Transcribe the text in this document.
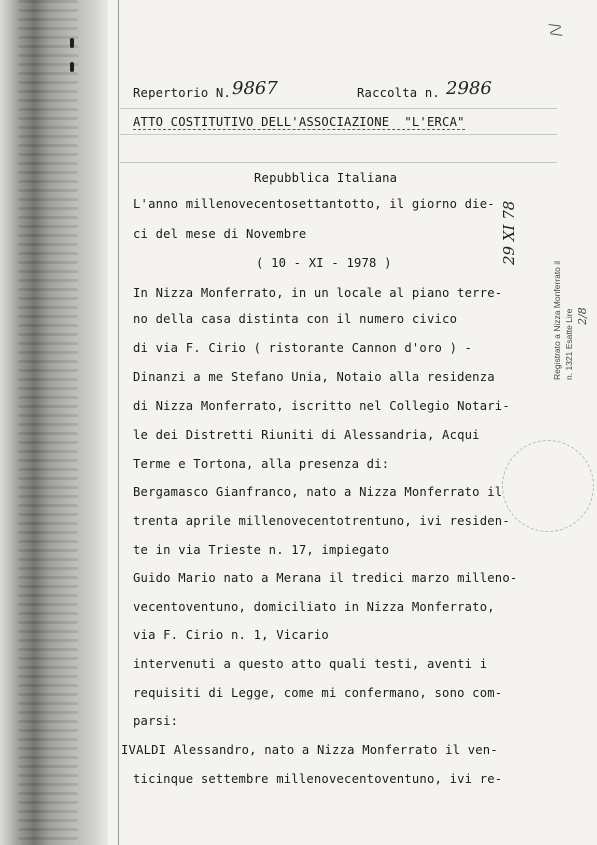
Repertorio N. 9867	Raccolta n. 2986
ATTO COSTITUTIVO DELL'ASSOCIAZIONE  "L'ERCA"
Repubblica Italiana
L'anno millenovecentosettantotto, il giorno die-
ci del mese di Novembre
( 10 - XI - 1978 )
In Nizza Monferrato, in un locale al piano terre-
no della casa distinta con il numero civico
di via F. Cirio ( ristorante Cannon d'oro ) -
Dinanzi a me Stefano Unia, Notaio alla residenza
di Nizza Monferrato, iscritto nel Collegio Notari-
le dei Distretti Riuniti di Alessandria, Acqui
Terme e Tortona, alla presenza di:
Bergamasco Gianfranco, nato a Nizza Monferrato il
trenta aprile millenovecentotrentuno, ivi residen-
te in via Trieste n. 17, impiegato
Guido Mario nato a Merana il tredici marzo milleno-
vecentoventuno, domiciliato in Nizza Monferrato,
via F. Cirio n. 1, Vicario
intervenuti a questo atto quali testi, aventi i
requisiti di Legge, come mi confermano, sono com-
parsi:
IVALDI Alessandro, nato a Nizza Monferrato il ven-
ticinque settembre millenovecentoventuno, ivi re-
/\/
29 XI 78
Registrato a Nizza Monferrato il n. 1321 Esatte Lire 2/8
